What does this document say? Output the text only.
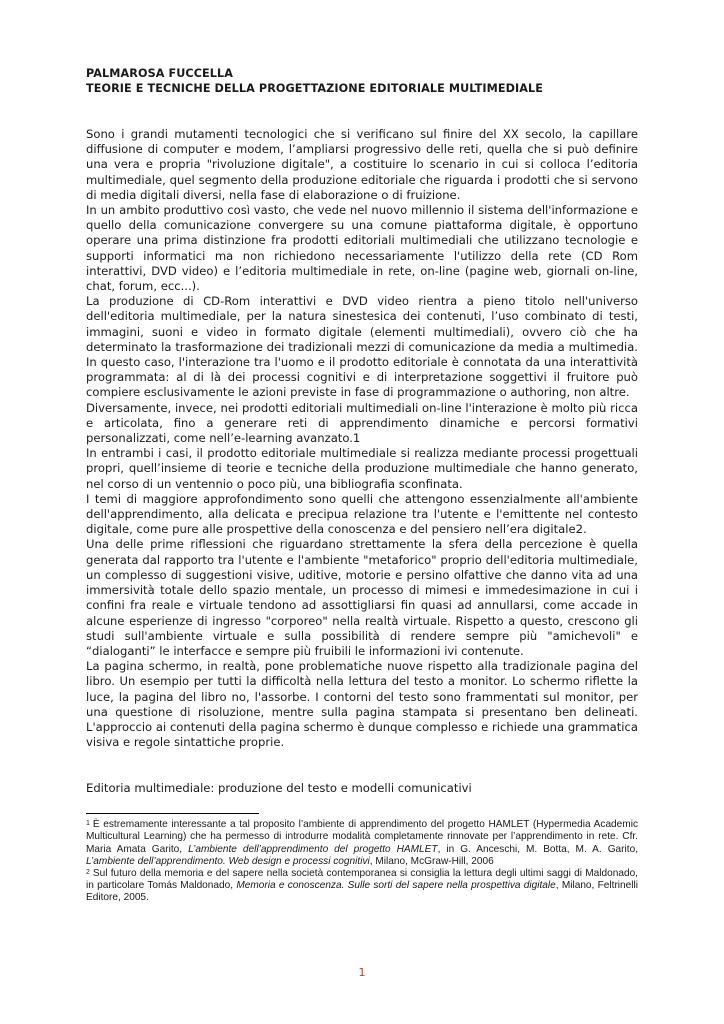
PALMAROSA FUCCELLA
TEORIE E TECNICHE DELLA PROGETTAZIONE EDITORIALE MULTIMEDIALE

Sono i grandi mutamenti tecnologici che si verificano sul finire del XX secolo, la capillare diffusione di computer e modem, l’ampliarsi progressivo delle reti, quella che si può definire una vera e propria "rivoluzione digitale", a costituire lo scenario in cui si colloca l’editoria multimediale, quel segmento della produzione editoriale che riguarda i prodotti che si servono di media digitali diversi, nella fase di elaborazione o di fruizione.

In un ambito produttivo così vasto, che vede nel nuovo millennio il sistema dell'informazione e quello della comunicazione convergere su una comune piattaforma digitale, è opportuno operare una prima distinzione fra prodotti editoriali multimediali che utilizzano tecnologie e supporti informatici ma non richiedono necessariamente l'utilizzo della rete (CD Rom interattivi, DVD video) e l’editoria multimediale in rete, on-line (pagine web, giornali on-line, chat, forum, ecc...).

La produzione di CD-Rom interattivi e DVD video rientra a pieno titolo nell'universo dell'editoria multimediale, per la natura sinestesica dei contenuti, l’uso combinato di testi, immagini, suoni e video in formato digitale (elementi multimediali), ovvero ciò che ha determinato la trasformazione dei tradizionali mezzi di comunicazione da media a multimedia. In questo caso, l'interazione tra l'uomo e il prodotto editoriale è connotata da una interattività programmata: al di là dei processi cognitivi e di interpretazione soggettivi il fruitore può compiere esclusivamente le azioni previste in fase di programmazione o authoring, non altre.

Diversamente, invece, nei prodotti editoriali multimediali on-line l'interazione è molto più ricca e articolata, fino a generare reti di apprendimento dinamiche e percorsi formativi personalizzati, come nell’e-learning avanzato.1

In entrambi i casi, il prodotto editoriale multimediale si realizza mediante processi progettuali propri, quell’insieme di teorie e tecniche della produzione multimediale che hanno generato, nel corso di un ventennio o poco più, una bibliografia sconfinata.

I temi di maggiore approfondimento sono quelli che attengono essenzialmente all'ambiente dell'apprendimento, alla delicata e precipua relazione tra l'utente e l'emittente nel contesto digitale, come pure alle prospettive della conoscenza e del pensiero nell’era digitale2.

Una delle prime riflessioni che riguardano strettamente la sfera della percezione è quella generata dal rapporto tra l'utente e l'ambiente "metaforico" proprio dell'editoria multimediale, un complesso di suggestioni visive, uditive, motorie e persino olfattive che danno vita ad una immersività totale dello spazio mentale, un processo di mimesi e immedesimazione in cui i confini fra reale e virtuale tendono ad assottigliarsi fin quasi ad annullarsi, come accade in alcune esperienze di ingresso "corporeo" nella realtà virtuale. Rispetto a questo, crescono gli studi sull'ambiente virtuale e sulla possibilità di rendere sempre più "amichevoli" e “dialoganti” le interfacce e sempre più fruibili le informazioni ivi contenute.

La pagina schermo, in realtà, pone problematiche nuove rispetto alla tradizionale pagina del libro. Un esempio per tutti la difficoltà nella lettura del testo a monitor. Lo schermo riflette la luce, la pagina del libro no, l'assorbe. I contorni del testo sono frammentati sul monitor, per una questione di risoluzione, mentre sulla pagina stampata si presentano ben delineati. L'approccio ai contenuti della pagina schermo è dunque complesso e richiede una grammatica visiva e regole sintattiche proprie.

Editoria multimediale: produzione del testo e modelli comunicativi

$^1$ È estremamente interessante a tal proposito l’ambiente di apprendimento del progetto HAMLET (Hypermedia Academic Multicultural Learning) che ha permesso di introdurre modalità completamente rinnovate per l’apprendimento in rete. Cfr. Maria Amata Garito, L’ambiente dell’apprendimento del progetto HAMLET, in G. Anceschi, M. Botta, M. A. Garito, L’ambiente dell’apprendimento. Web design e processi cognitivi, Milano, McGraw-Hill, 2006

$^2$ Sul futuro della memoria e del sapere nella società contemporanea si consiglia la lettura degli ultimi saggi di Maldonado, in particolare Tomás Maldonado, Memoria e conoscenza. Sulle sorti del sapere nella prospettiva digitale, Milano, Feltrinelli Editore, 2005.

1
